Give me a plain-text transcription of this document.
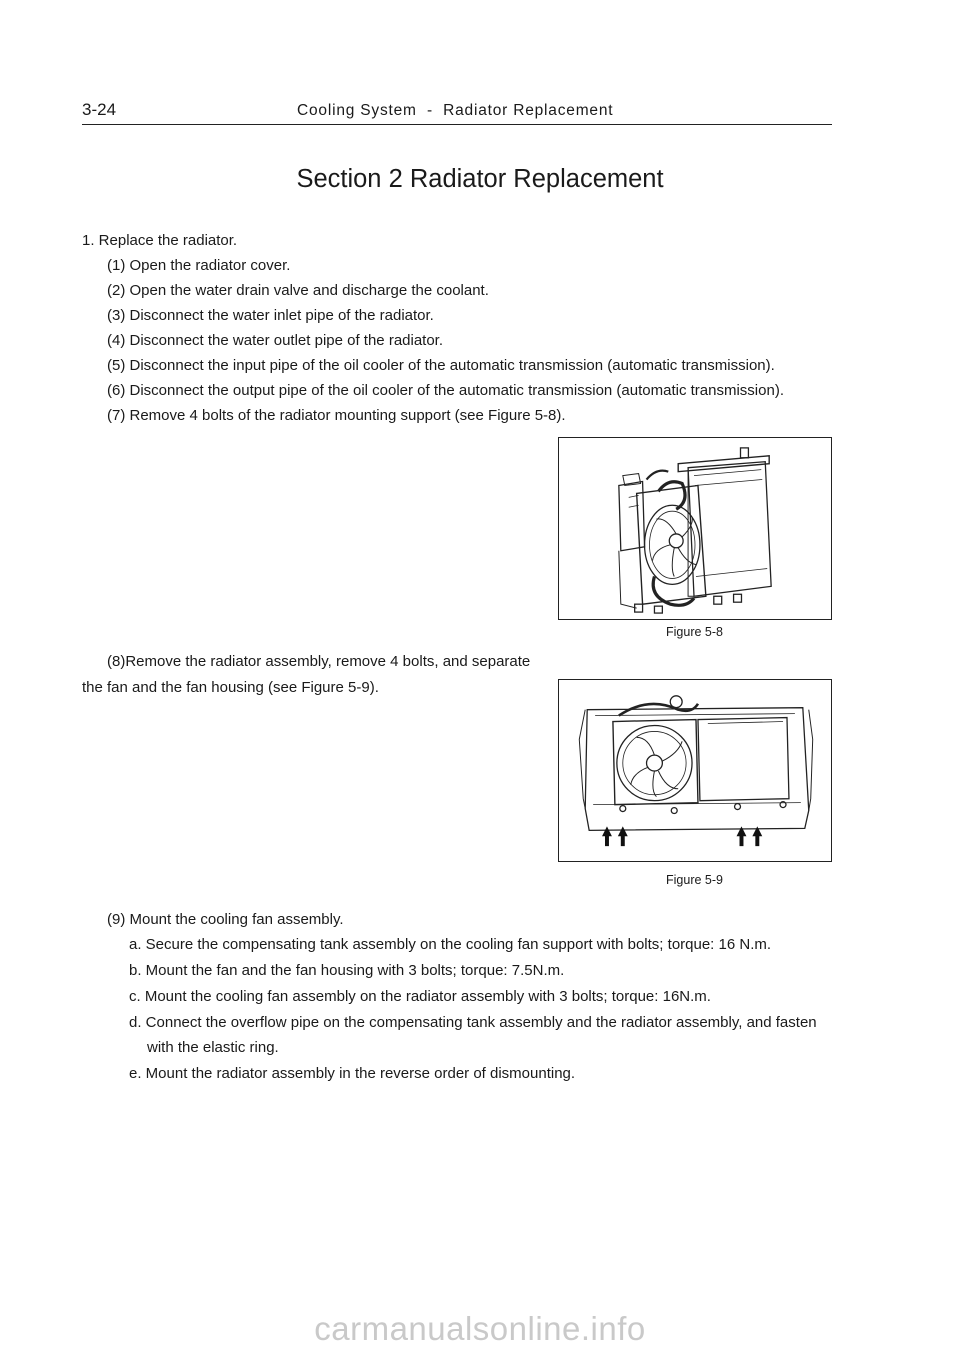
3-24	Cooling System  -  Radiator Replacement
Section 2 Radiator Replacement
1. Replace the radiator.
(1) Open the radiator cover.
(2) Open the water drain valve and discharge the coolant.
(3) Disconnect the water inlet pipe of the radiator.
(4) Disconnect the water outlet pipe of the radiator.
(5) Disconnect the input pipe of the oil cooler of the automatic transmission (automatic transmission).
(6) Disconnect the output pipe of the oil cooler of the automatic transmission (automatic transmission).
(7) Remove 4 bolts of the radiator mounting support (see Figure 5-8).
Figure 5-8
(8)Remove the radiator assembly, remove 4 bolts, and separate
the fan and the fan housing (see Figure 5-9).
Figure 5-9
(9) Mount the cooling fan assembly.
a. Secure the compensating tank assembly on the cooling fan support with bolts; torque: 16 N.m.
b. Mount the fan and the fan housing with 3 bolts; torque: 7.5N.m.
c. Mount the cooling fan assembly on the radiator assembly with 3 bolts; torque: 16N.m.
d. Connect the overflow pipe on the compensating tank assembly and the radiator assembly, and fasten
with the elastic ring.
e. Mount the radiator assembly in the reverse order of dismounting.
carmanualsonline.info
